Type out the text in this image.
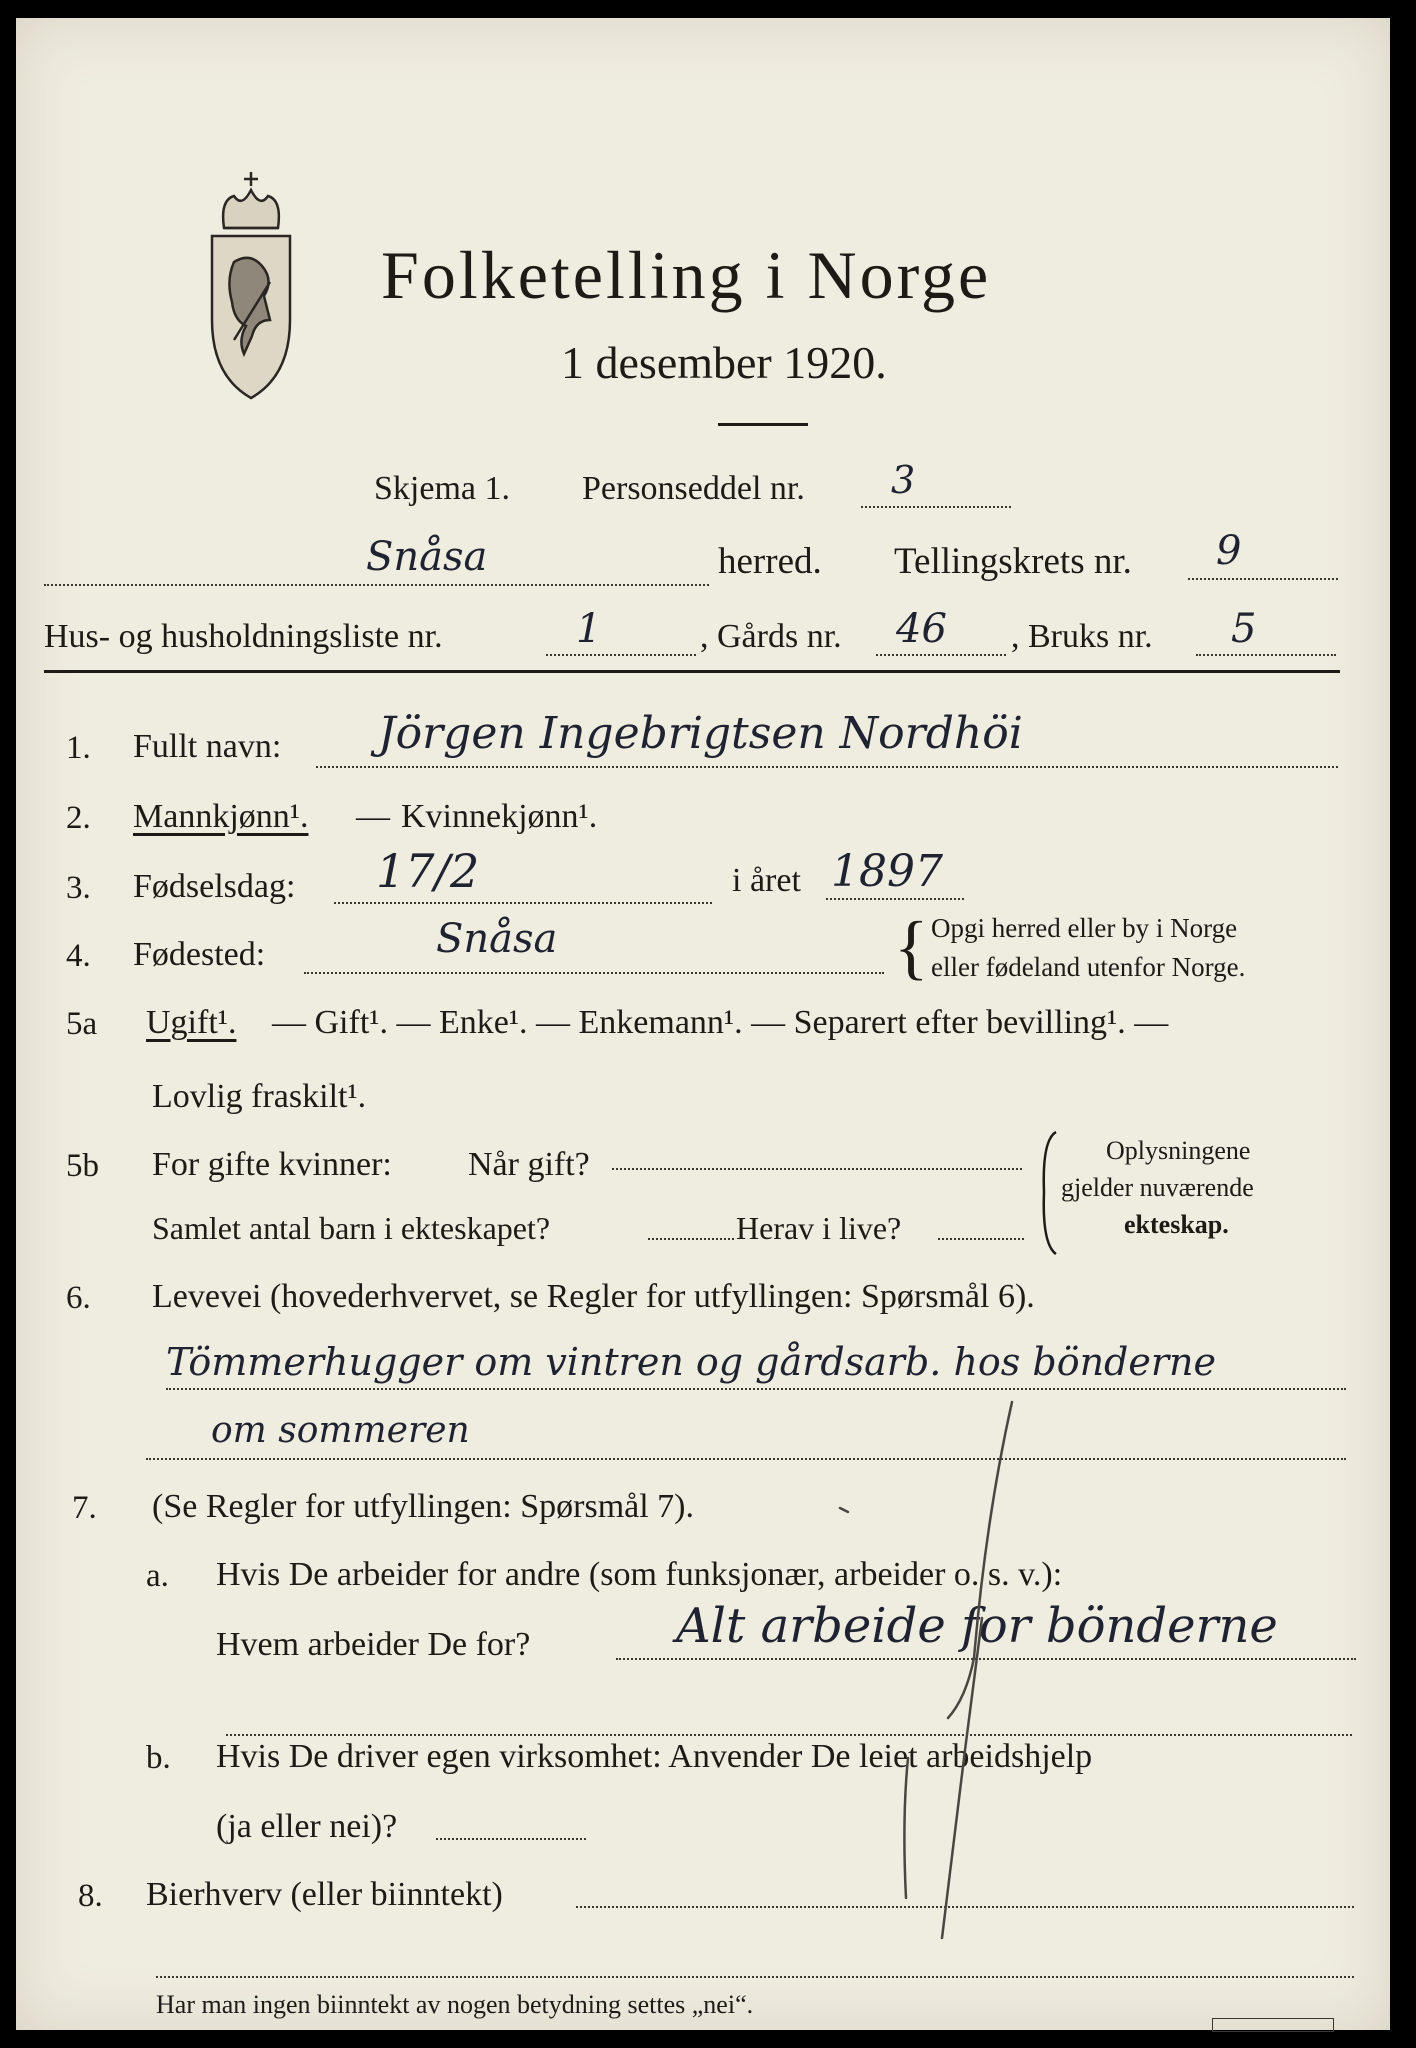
Folketelling i Norge
1 desember 1920.
Skjema 1. Personseddel nr. 3
Snåsa	herred. Tellingskrets nr. 9
Hus- og husholdningsliste nr.	1	, Gårds nr. 46 , Bruks nr. 5
1. Fullt navn: Jörgen Ingebrigtsen Nordhöi
2. Mannkjønn¹. — Kvinnekjønn¹.
3. Fødselsdag: 17/2	i året 1897
4. Fødested:	Snåsa	{ Opgi herred eller by i Norge
eller fødeland utenfor Norge.
5a Ugift¹. — Gift¹. — Enke¹. — Enkemann¹. — Separert efter bevilling¹. —
Lovlig fraskilt¹.
5b For gifte kvinner: Når gift?
Samlet antal barn i ekteskapet?	Herav i live?
Oplysningene
gjelder nuværende
ekteskap.
6. Levevei (hovederhvervet, se Regler for utfyllingen: Spørsmål 6).
Tömmerhugger om vintren og gårdsarb. hos bönderne
om sommeren
7. (Se Regler for utfyllingen: Spørsmål 7).
a. Hvis De arbeider for andre (som funksjonær, arbeider o. s. v.):
Hvem arbeider De for?	Alt arbeide for bönderne
b. Hvis De driver egen virksomhet: Anvender De leiet arbeidshjelp
(ja eller nei)?
8. Bierhverv (eller biinntekt)
Har man ingen biinntekt av nogen betydning settes „nei“.
